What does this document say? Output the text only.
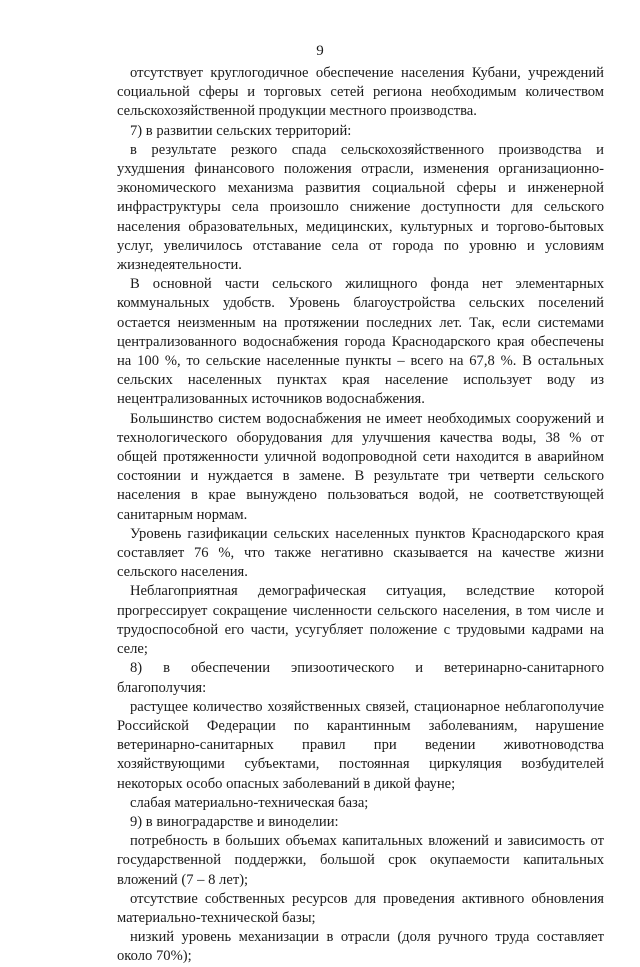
9

отсутствует круглогодичное обеспечение населения Кубани, учреждений социальной сферы и торговых сетей региона необходимым количеством сельскохозяйственной продукции местного производства.

7) в развитии сельских территорий:

в результате резкого спада сельскохозяйственного производства и ухудшения финансового положения отрасли, изменения организационно-экономического механизма развития социальной сферы и инженерной инфраструктуры села произошло снижение доступности для сельского населения образовательных, медицинских, культурных и торгово-бытовых услуг, увеличилось отставание села от города по уровню и условиям жизнедеятельности.

В основной части сельского жилищного фонда нет элементарных коммунальных удобств. Уровень благоустройства сельских поселений остается неизменным на протяжении последних лет. Так, если системами централизованного водоснабжения города Краснодарского края обеспечены на 100 %, то сельские населенные пункты – всего на 67,8 %. В остальных сельских населенных пунктах края население использует воду из нецентрализованных источников водоснабжения.

Большинство систем водоснабжения не имеет необходимых сооружений и технологического оборудования для улучшения качества воды, 38 % от общей протяженности уличной водопроводной сети находится в аварийном состоянии и нуждается в замене. В результате три четверти сельского населения в крае вынуждено пользоваться водой, не соответствующей санитарным нормам.

Уровень газификации сельских населенных пунктов Краснодарского края составляет 76 %, что также негативно сказывается на качестве жизни сельского населения.

Неблагоприятная демографическая ситуация, вследствие которой прогрессирует сокращение численности сельского населения, в том числе и трудоспособной его части, усугубляет положение с трудовыми кадрами на селе;

8) в обеспечении эпизоотического и ветеринарно-санитарного благополучия:

растущее количество хозяйственных связей, стационарное неблагополучие Российской Федерации по карантинным заболеваниям, нарушение ветеринарно-санитарных правил при ведении животноводства хозяйствующими субъектами, постоянная циркуляция возбудителей некоторых особо опасных заболеваний в дикой фауне;

слабая материально-техническая база;

9) в виноградарстве и виноделии:

потребность в больших объемах капитальных вложений и зависимость от государственной поддержки, большой срок окупаемости капитальных вложений (7 – 8 лет);

отсутствие собственных ресурсов для проведения активного обновления материально-технической базы;

низкий уровень механизации в отрасли (доля ручного труда составляет около 70%);
